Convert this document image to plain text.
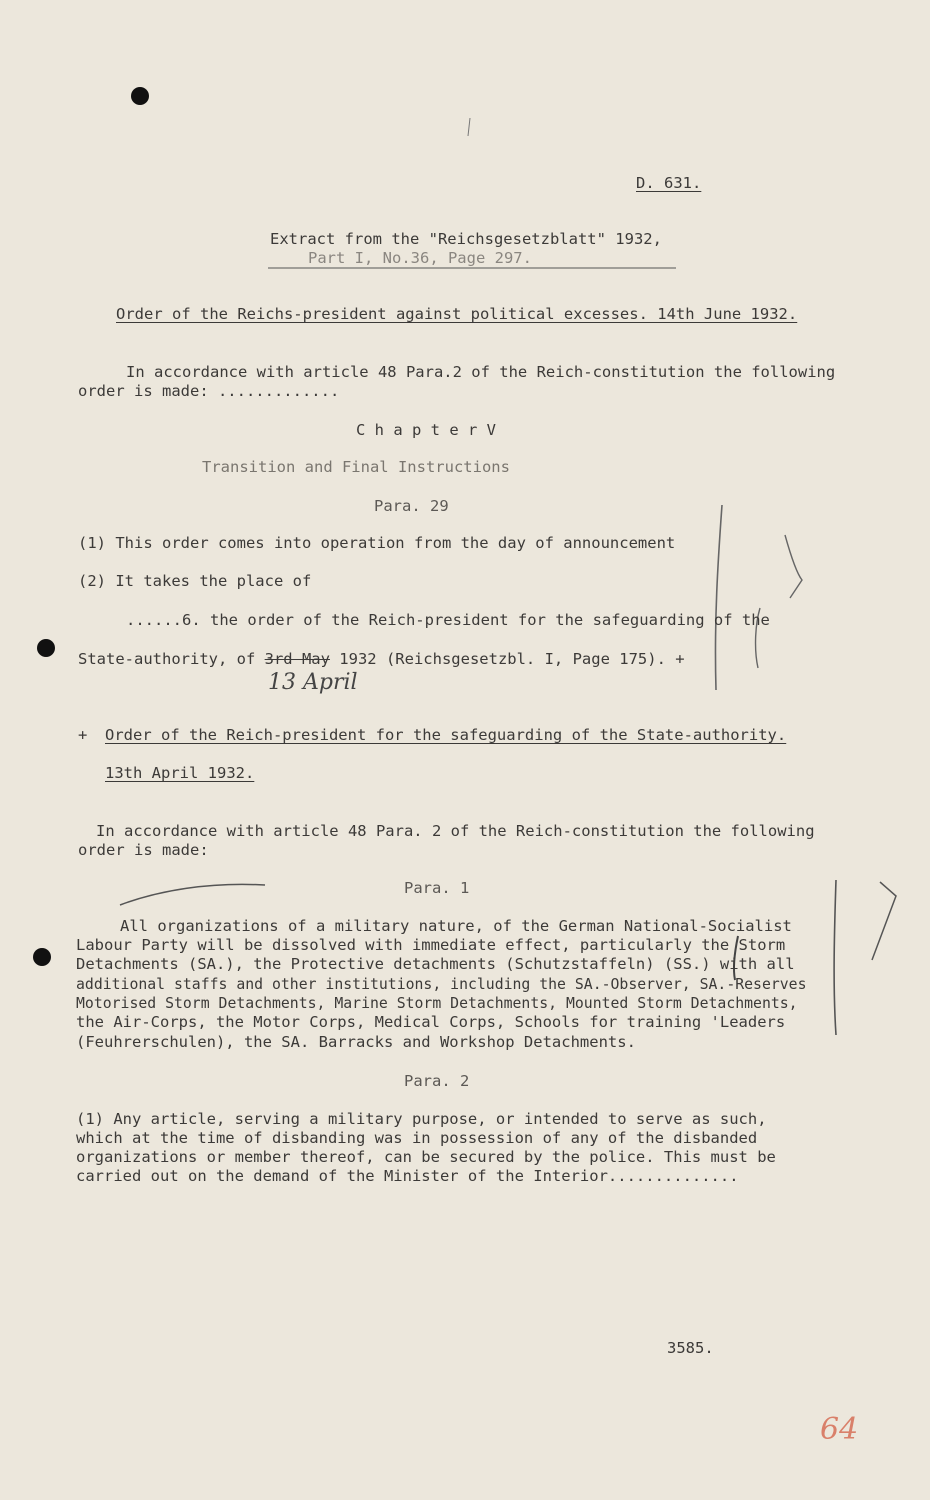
D. 631.
Extract from the "Reichsgesetzblatt" 1932,
Part I, No.36, Page 297.
Order of the Reichs-president against political excesses. 14th June 1932.
In accordance with article 48 Para.2 of the Reich-constitution the following
order is made: .............
C h a p t e r V
Transition and Final Instructions
Para. 29
(1) This order comes into operation from the day of announcement
(2) It takes the place of
......6. the order of the Reich-president for the safeguarding of the
State-authority, of 3rd May 1932 (Reichsgesetzbl. I, Page 175). +
13 April
+ Order of the Reich-president for the safeguarding of the State-authority.
13th April 1932.
In accordance with article 48 Para. 2 of the Reich-constitution the following
order is made:
Para. 1
All organizations of a military nature, of the German National-Socialist
Labour Party will be dissolved with immediate effect, particularly the Storm
Detachments (SA.), the Protective detachments (Schutzstaffeln) (SS.) with all
additional staffs and other institutions, including the SA.-Observer, SA.-Reserves
Motorised Storm Detachments, Marine Storm Detachments, Mounted Storm Detachments,
the Air-Corps, the Motor Corps, Medical Corps, Schools for training 'Leaders
(Feuhrerschulen), the SA. Barracks and Workshop Detachments.
Para. 2
(1) Any article, serving a military purpose, or intended to serve as such,
which at the time of disbanding was in possession of any of the disbanded
organizations or member thereof, can be secured by the police. This must be
carried out on the demand of the Minister of the Interior..............
3585.
64
